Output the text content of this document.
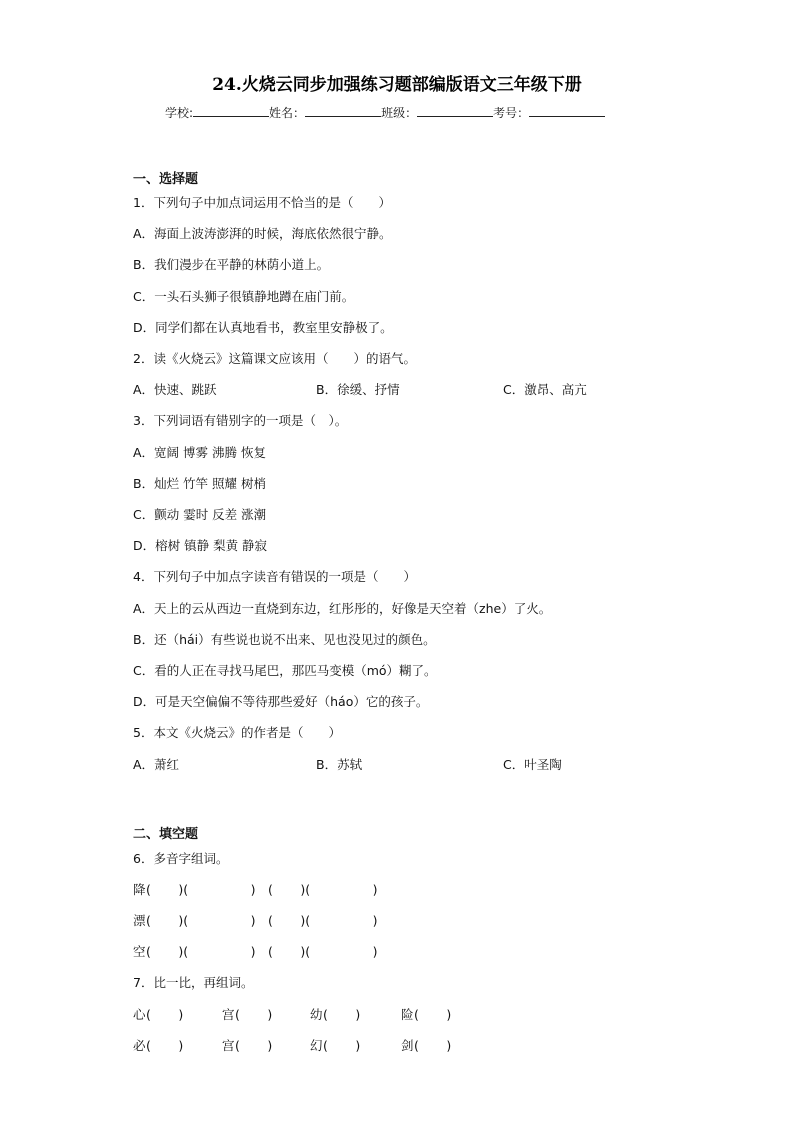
24.火烧云同步加强练习题部编版语文三年级下册
学校:	姓名：	班级：	考号：
一、选择题
1．下列句子中加点词运用不恰当的是（　　）
A．海面上波涛澎湃的时候，海底依然很宁静。
B．我们漫步在平静的林荫小道上。
C．一头石头狮子很镇静地蹲在庙门前。
D．同学们都在认真地看书，教室里安静极了。
2．读《火烧云》这篇课文应该用（　　）的语气。
A．快速、跳跃	B．徐缓、抒情	C．激昂、高亢
3．下列词语有错别字的一项是（　）。
A．宽阔 博雾 沸腾 恢复
B．灿烂 竹竿 照耀 树梢
C．颤动 霎时 反差 涨潮
D．榕树 镇静 梨黄 静寂
4．下列句子中加点字读音有错误的一项是（　　）
A．天上的云从西边一直烧到东边，红彤彤的，好像是天空着（zhe）了火。
B．还（hái）有些说也说不出来、见也没见过的颜色。
C．看的人正在寻找马尾巴，那匹马变模（mó）糊了。
D．可是天空偏偏不等待那些爱好（háo）它的孩子。
5．本文《火烧云》的作者是（　　）
A．萧红	B．苏轼	C．叶圣陶
二、填空题
6．多音字组词。
降 (　　 )(　　　　　)　(　　 )(　　　　　)
漂 (　　 )(　　　　　)　(　　 )(　　　　　)
空 (　　 )(　　　　　)　(　　 )(　　　　　)
7．比一比，再组词。
心 (　　 )	宫 (　　 )	幼 (　　 )	险 (　　 )
必 (　　 )	宫 (　　 )	幻 (　　 )	剑 (　　 )
